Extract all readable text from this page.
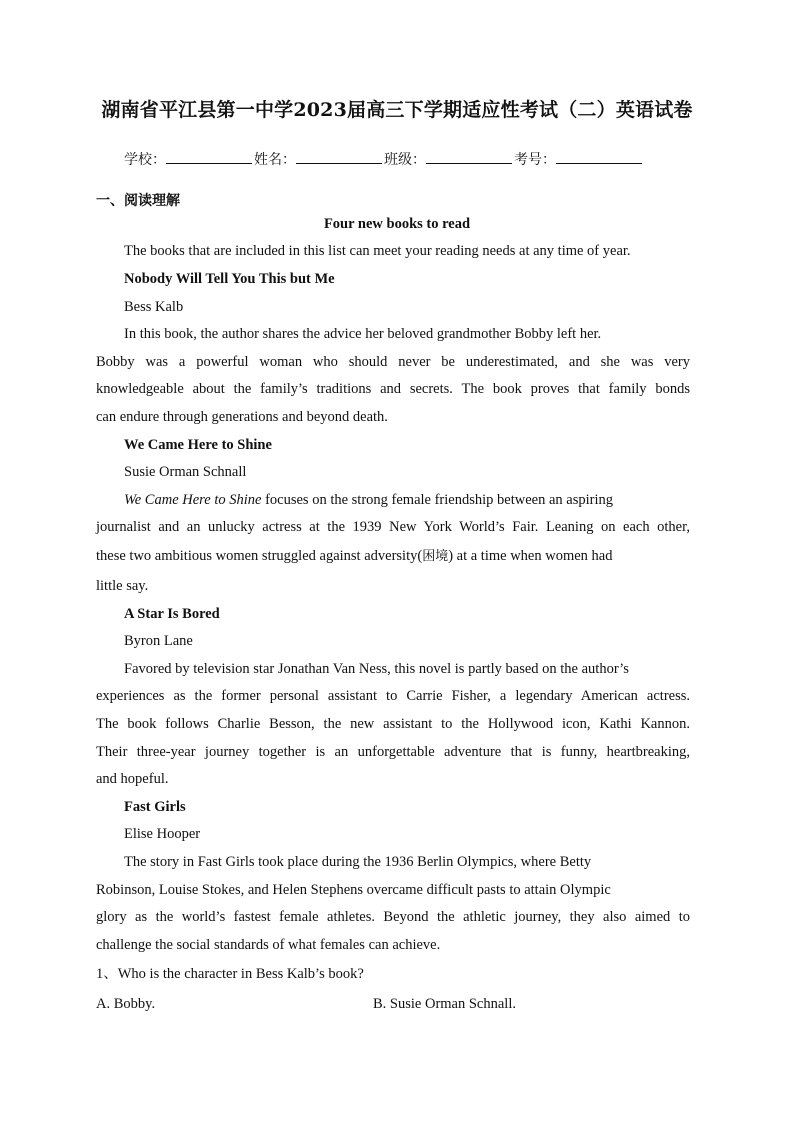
湖南省平江县第一中学2023届高三下学期适应性考试（二）英语试卷
学校：	姓名：	班级：	考号：
一、阅读理解
Four new books to read
The books that are included in this list can meet your reading needs at any time of year.
Nobody Will Tell You This but Me
Bess Kalb
In this book, the author shares the advice her beloved grandmother Bobby left her.
Bobby was a powerful woman who should never be underestimated, and she was very
knowledgeable about the family’s traditions and secrets. The book proves that family bonds
can endure through generations and beyond death.
We Came Here to Shine
Susie Orman Schnall
We Came Here to Shine focuses on the strong female friendship between an aspiring
journalist and an unlucky actress at the 1939 New York World’s Fair. Leaning on each other,
these two ambitious women struggled against adversity(困境) at a time when women had
little say.
A Star Is Bored
Byron Lane
Favored by television star Jonathan Van Ness, this novel is partly based on the author’s
experiences as the former personal assistant to Carrie Fisher, a legendary American actress.
The book follows Charlie Besson, the new assistant to the Hollywood icon, Kathi Kannon.
Their three-year journey together is an unforgettable adventure that is funny, heartbreaking,
and hopeful.
Fast Girls
Elise Hooper
The story in Fast Girls took place during the 1936 Berlin Olympics, where Betty
Robinson, Louise Stokes, and Helen Stephens overcame difficult pasts to attain Olympic
glory as the world’s fastest female athletes. Beyond the athletic journey, they also aimed to
challenge the social standards of what females can achieve.
1、Who is the character in Bess Kalb’s book?
A. Bobby.	B. Susie Orman Schnall.
